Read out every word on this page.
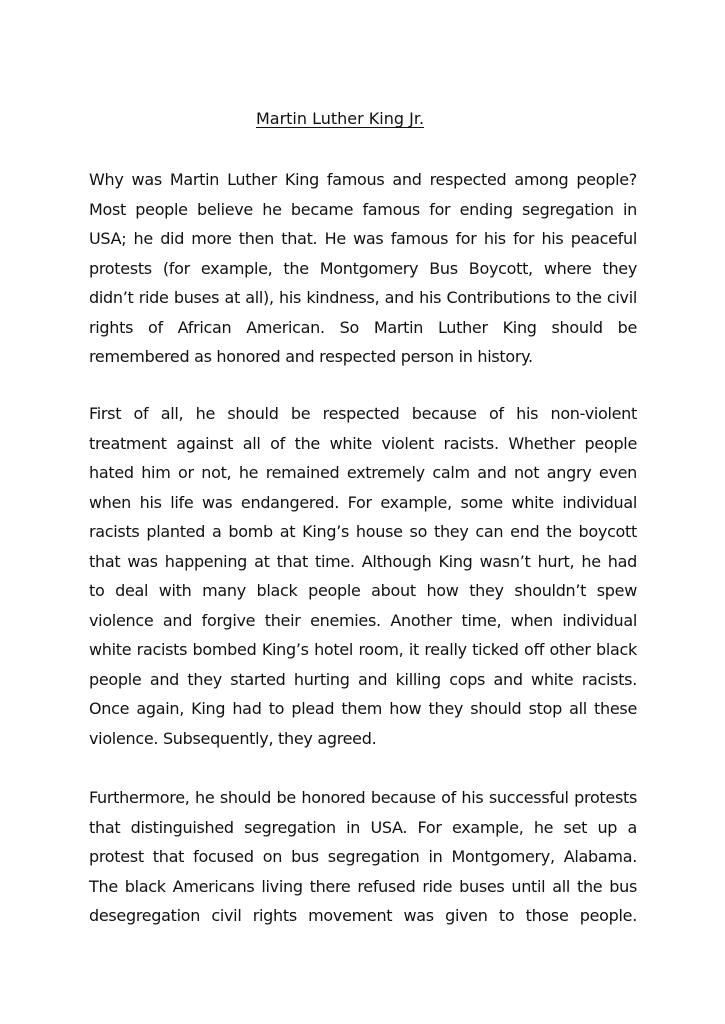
Martin Luther King Jr.
Why was Martin Luther King famous and respected among people?
Most people believe he became famous for ending segregation in
USA; he did more then that. He was famous for his for his peaceful
protests (for example, the Montgomery Bus Boycott, where they
didn’t ride buses at all), his kindness, and his Contributions to the civil
rights of African American. So Martin Luther King should be
remembered as honored and respected person in history.
First of all, he should be respected because of his non-violent
treatment against all of the white violent racists. Whether people
hated him or not, he remained extremely calm and not angry even
when his life was endangered. For example, some white individual
racists planted a bomb at King’s house so they can end the boycott
that was happening at that time. Although King wasn’t hurt, he had
to deal with many black people about how they shouldn’t spew
violence and forgive their enemies. Another time, when individual
white racists bombed King’s hotel room, it really ticked off other black
people and they started hurting and killing cops and white racists.
Once again, King had to plead them how they should stop all these
violence. Subsequently, they agreed.
Furthermore, he should be honored because of his successful protests
that distinguished segregation in USA. For example, he set up a
protest that focused on bus segregation in Montgomery, Alabama.
The black Americans living there refused ride buses until all the bus
desegregation civil rights movement was given to those people.
